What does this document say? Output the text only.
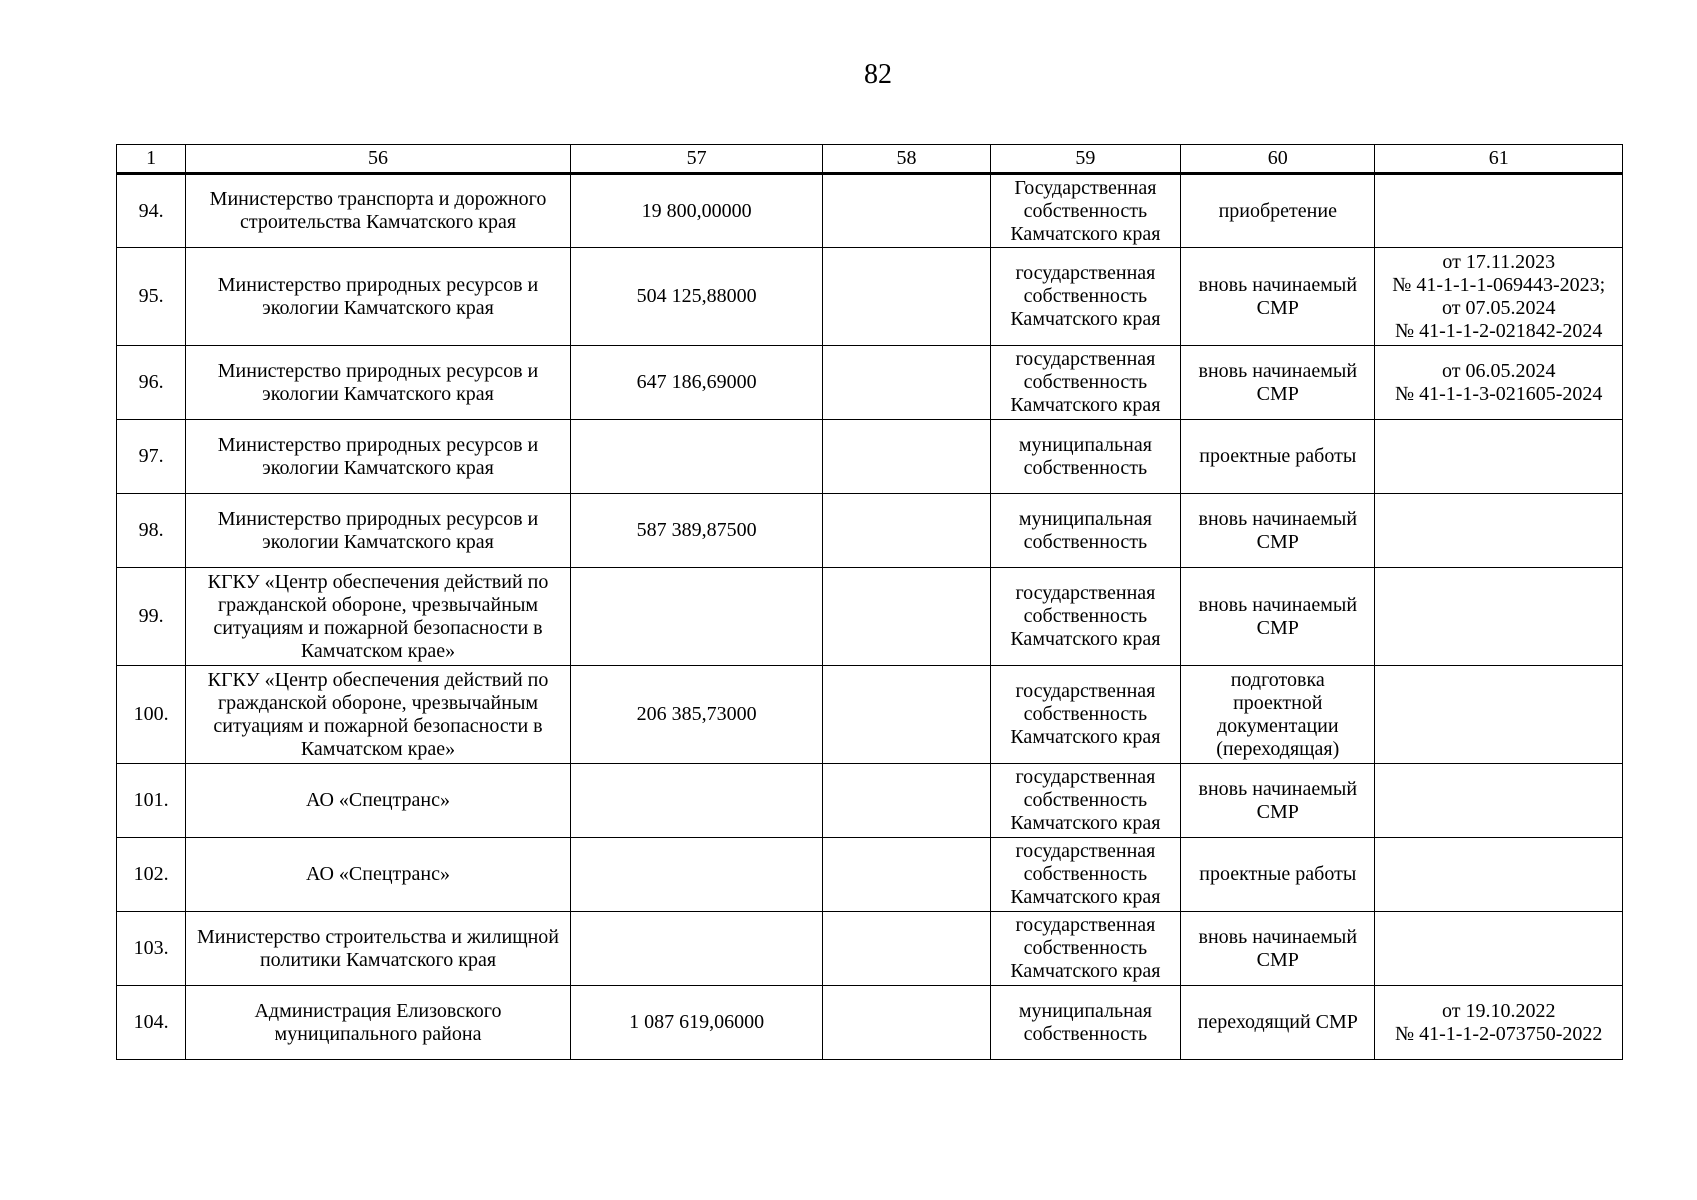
82
1	56	57	58	59	60	61
94.	Министерство транспорта и дорожного
строительства Камчатского края	19 800,00000		Государственная
собственность
Камчатского края	приобретение	

95.	Министерство природных ресурсов и
экологии Камчатского края	504 125,88000		государственная
собственность
Камчатского края	вновь начинаемый
СМР	от 17.11.2023
№ 41-1-1-1-069443-2023;
от 07.05.2024
№ 41-1-1-2-021842-2024

96.	Министерство природных ресурсов и
экологии Камчатского края	647 186,69000		государственная
собственность
Камчатского края	вновь начинаемый
СМР	от 06.05.2024
№ 41-1-1-3-021605-2024

97.	Министерство природных ресурсов и
экологии Камчатского края			муниципальная
собственность	проектные работы	

98.	Министерство природных ресурсов и
экологии Камчатского края	587 389,87500		муниципальная
собственность	вновь начинаемый
СМР	

99.	КГКУ «Центр обеспечения действий по
гражданской обороне, чрезвычайным
ситуациям и пожарной безопасности в
Камчатском крае»			государственная
собственность
Камчатского края	вновь начинаемый
СМР	

100.	КГКУ «Центр обеспечения действий по
гражданской обороне, чрезвычайным
ситуациям и пожарной безопасности в
Камчатском крае»	206 385,73000		государственная
собственность
Камчатского края	подготовка
проектной
документации
(переходящая)	

101.	АО «Спецтранс»			государственная
собственность
Камчатского края	вновь начинаемый
СМР	

102.	АО «Спецтранс»			государственная
собственность
Камчатского края	проектные работы	

103.	Министерство строительства и жилищной
политики Камчатского края			государственная
собственность
Камчатского края	вновь начинаемый
СМР	

104.	Администрация Елизовского
муниципального района	1 087 619,06000		муниципальная
собственность	переходящий СМР	от 19.10.2022
№ 41-1-1-2-073750-2022
